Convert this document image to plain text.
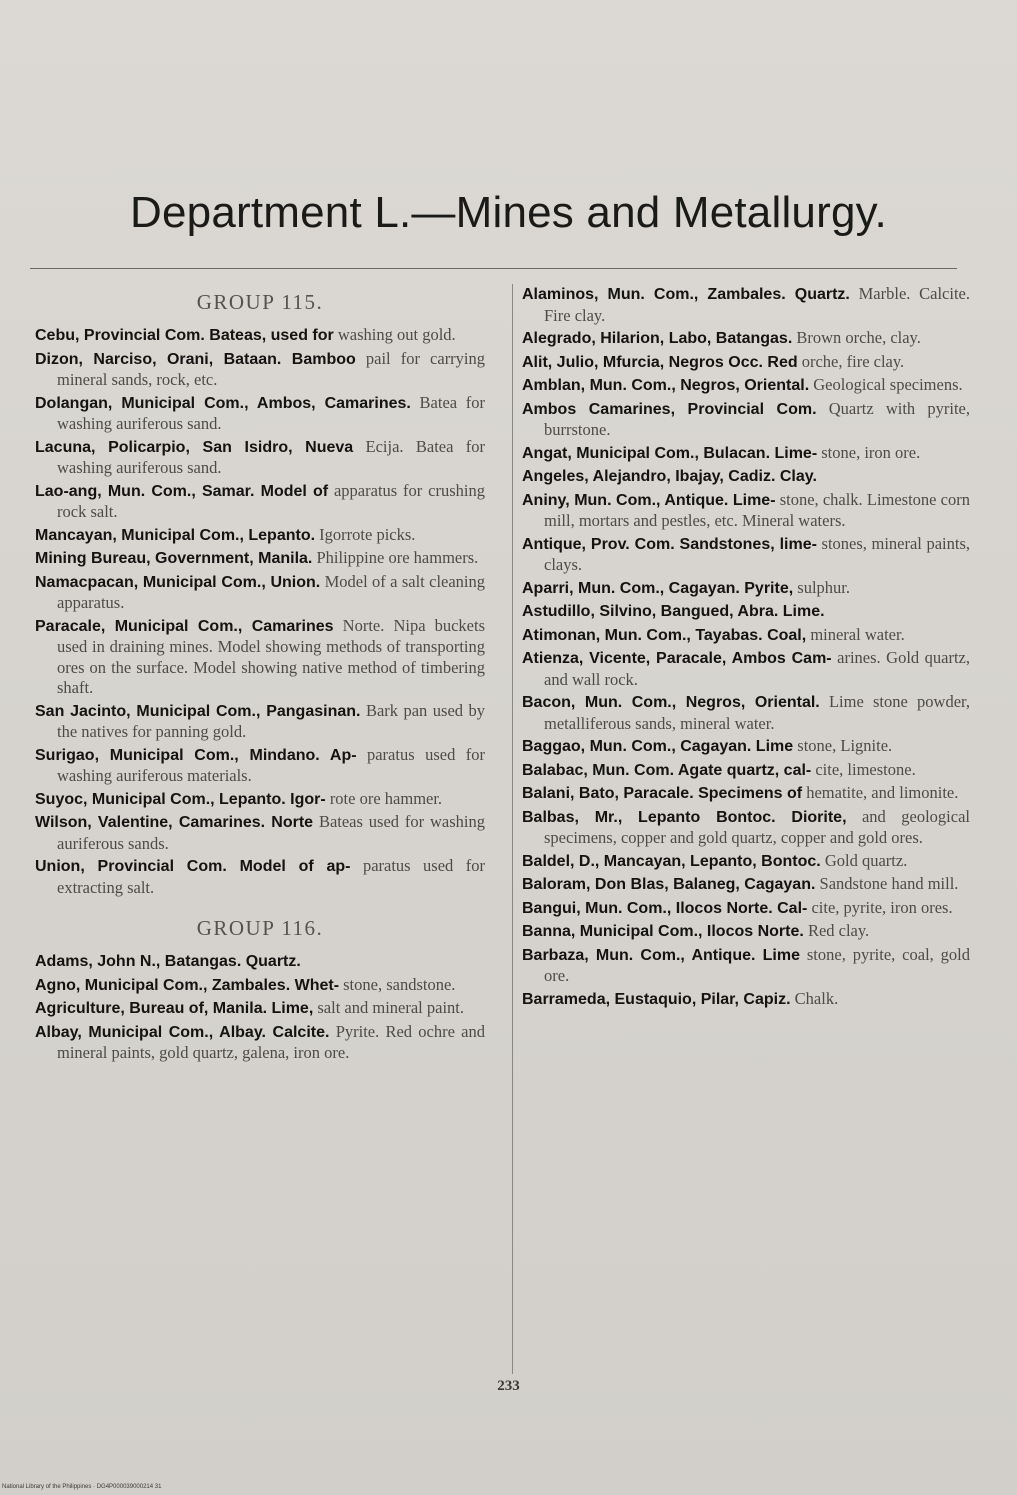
Department L.—Mines and Metallurgy.
GROUP 115.

Cebu, Provincial Com. Bateas, used for washing out gold.

Dizon, Narciso, Orani, Bataan. Bamboo pail for carrying mineral sands, rock, etc.

Dolangan, Municipal Com., Ambos, Camarines. Batea for washing auriferous sand.

Lacuna, Policarpio, San Isidro, Nueva Ecija. Batea for washing auriferous sand.

Lao-ang, Mun. Com., Samar. Model of apparatus for crushing rock salt.

Mancayan, Municipal Com., Lepanto. Igorrote picks.

Mining Bureau, Government, Manila. Philippine ore hammers.

Namacpacan, Municipal Com., Union. Model of a salt cleaning apparatus.

Paracale, Municipal Com., Camarines Norte. Nipa buckets used in draining mines. Model showing methods of transporting ores on the surface. Model showing native method of timbering shaft.

San Jacinto, Municipal Com., Pangasinan. Bark pan used by the natives for panning gold.

Surigao, Municipal Com., Mindano. Ap- paratus used for washing auriferous materials.

Suyoc, Municipal Com., Lepanto. Igor- rote ore hammer.

Wilson, Valentine, Camarines. Norte Bateas used for washing auriferous sands.

Union, Provincial Com. Model of ap- paratus used for extracting salt.

GROUP 116.

Adams, John N., Batangas. Quartz.

Agno, Municipal Com., Zambales. Whet- stone, sandstone.

Agriculture, Bureau of, Manila. Lime, salt and mineral paint.

Albay, Municipal Com., Albay. Calcite. Pyrite. Red ochre and mineral paints, gold quartz, galena, iron ore.

Alaminos, Mun. Com., Zambales. Quartz. Marble. Calcite. Fire clay.

Alegrado, Hilarion, Labo, Batangas. Brown orche, clay.

Alit, Julio, Mfurcia, Negros Occ. Red orche, fire clay.

Amblan, Mun. Com., Negros, Oriental. Geological specimens.

Ambos Camarines, Provincial Com. Quartz with pyrite, burrstone.

Angat, Municipal Com., Bulacan. Lime- stone, iron ore.

Angeles, Alejandro, Ibajay, Cadiz. Clay.

Aniny, Mun. Com., Antique. Lime- stone, chalk. Limestone corn mill, mortars and pestles, etc. Mineral waters.

Antique, Prov. Com. Sandstones, lime- stones, mineral paints, clays.

Aparri, Mun. Com., Cagayan. Pyrite, sulphur.

Astudillo, Silvino, Bangued, Abra. Lime.

Atimonan, Mun. Com., Tayabas. Coal, mineral water.

Atienza, Vicente, Paracale, Ambos Cam- arines. Gold quartz, and wall rock.

Bacon, Mun. Com., Negros, Oriental. Lime stone powder, metalliferous sands, mineral water.

Baggao, Mun. Com., Cagayan. Lime stone, Lignite.

Balabac, Mun. Com. Agate quartz, cal- cite, limestone.

Balani, Bato, Paracale. Specimens of hematite, and limonite.

Balbas, Mr., Lepanto Bontoc. Diorite, and geological specimens, copper and gold quartz, copper and gold ores.

Baldel, D., Mancayan, Lepanto, Bontoc. Gold quartz.

Baloram, Don Blas, Balaneg, Cagayan. Sandstone hand mill.

Bangui, Mun. Com., Ilocos Norte. Cal- cite, pyrite, iron ores.

Banna, Municipal Com., Ilocos Norte. Red clay.

Barbaza, Mun. Com., Antique. Lime stone, pyrite, coal, gold ore.

Barrameda, Eustaquio, Pilar, Capiz. Chalk.

233
National Library of the Philippines · DG4P000039000214 31
